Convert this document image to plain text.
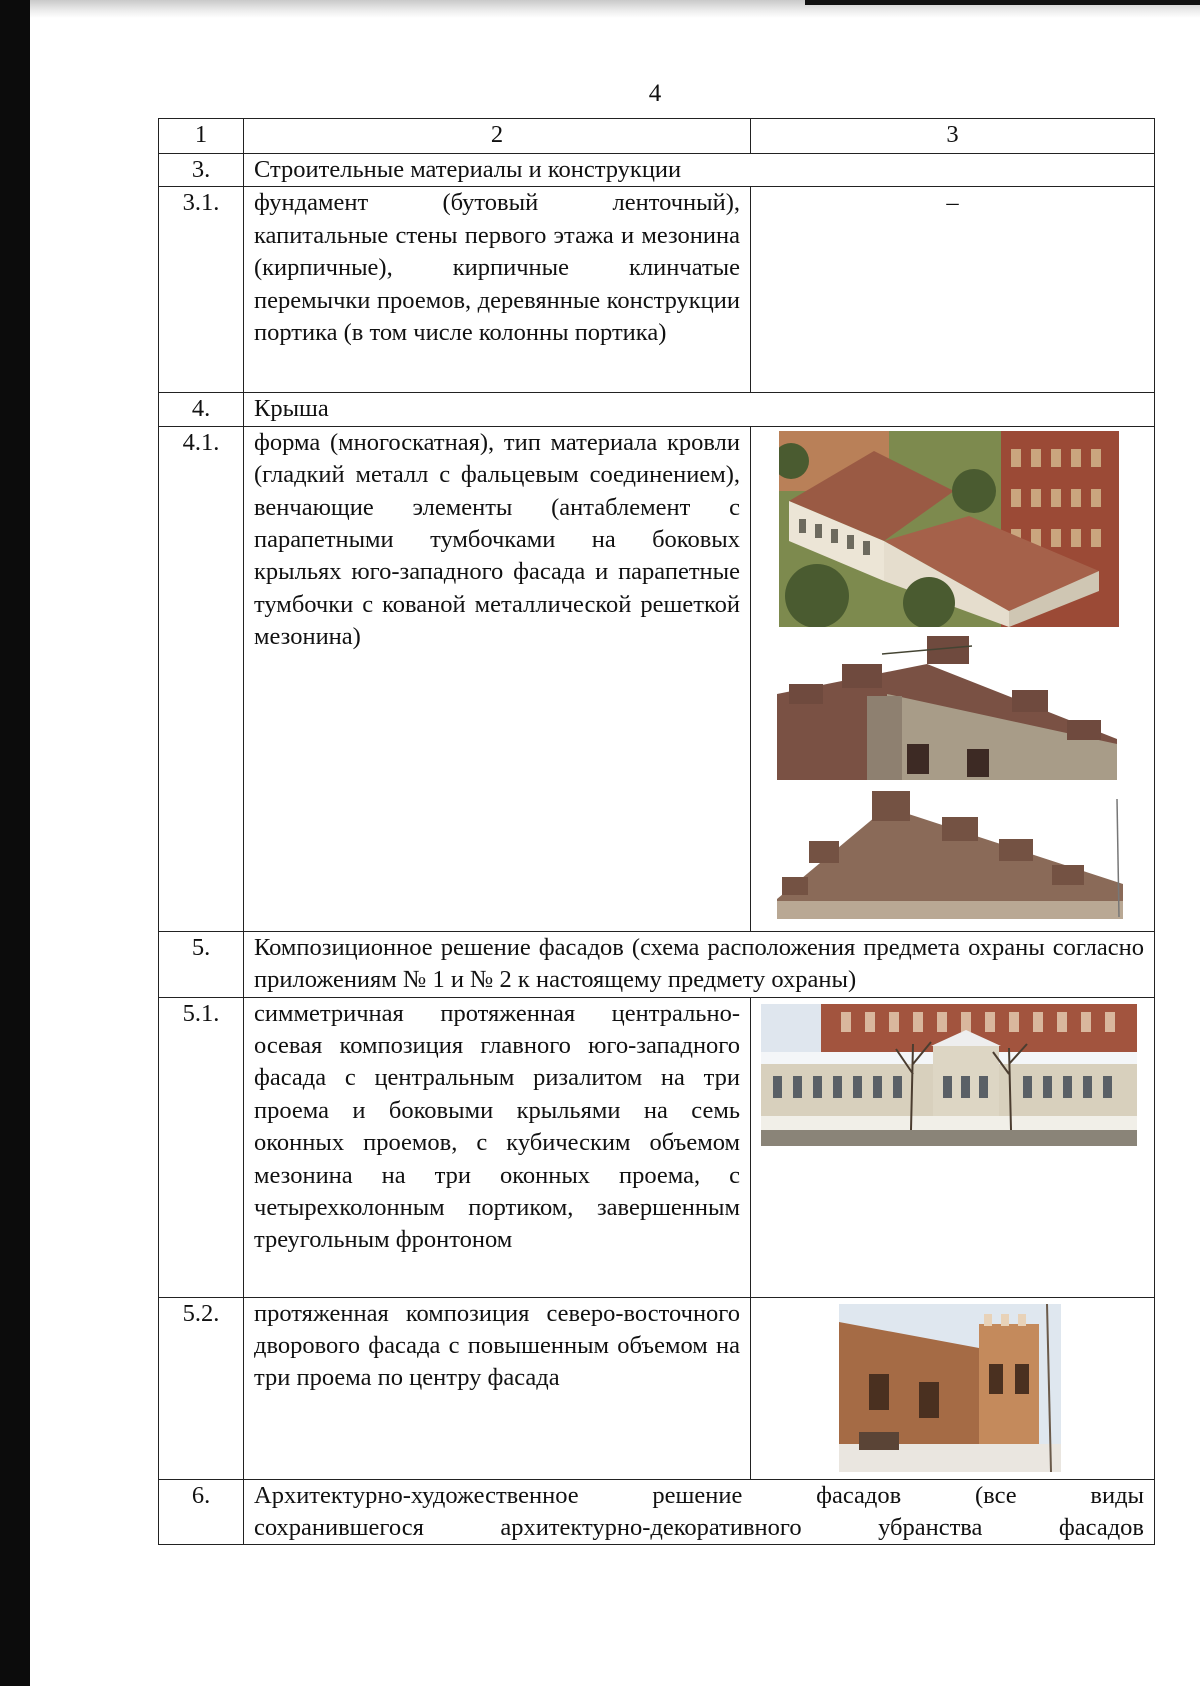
4
1	2	3
3.	Строительные материалы и конструкции	
3.1.	фундамент (бутовый ленточный), капитальные стены первого этажа и мезонина (кирпичные), кирпичные клинчатые перемычки проемов, деревянные конструкции портика (в том числе колонны портика)	–
4.	Крыша	
4.1.	форма (многоскатная), тип материала кровли (гладкий металл с фальцевым соединением), венчающие элементы (антаблемент с парапетными тумбочками на боковых крыльях юго-западного фасада и парапетные тумбочки с кованой металлической решеткой мезонина)	

5.	Композиционное решение фасадов (схема расположения предмета охраны согласно приложениям № 1 и № 2 к настоящему предмету охраны)	
5.1.	симметричная протяженная центрально-осевая композиция главного юго-западного фасада с центральным ризалитом на три проема и боковыми крыльями на семь оконных проемов, с кубическим объемом мезонина на три оконных проема, с четырехколонным портиком, завершенным треугольным фронтоном	

5.2.	протяженная композиция северо-восточного дворового фасада с повышенным объемом на три проема по центру фасада	

6.	Архитектурно-художественное решение фасадов (все виды
сохранившегося архитектурно-декоративного убранства фасадов	
